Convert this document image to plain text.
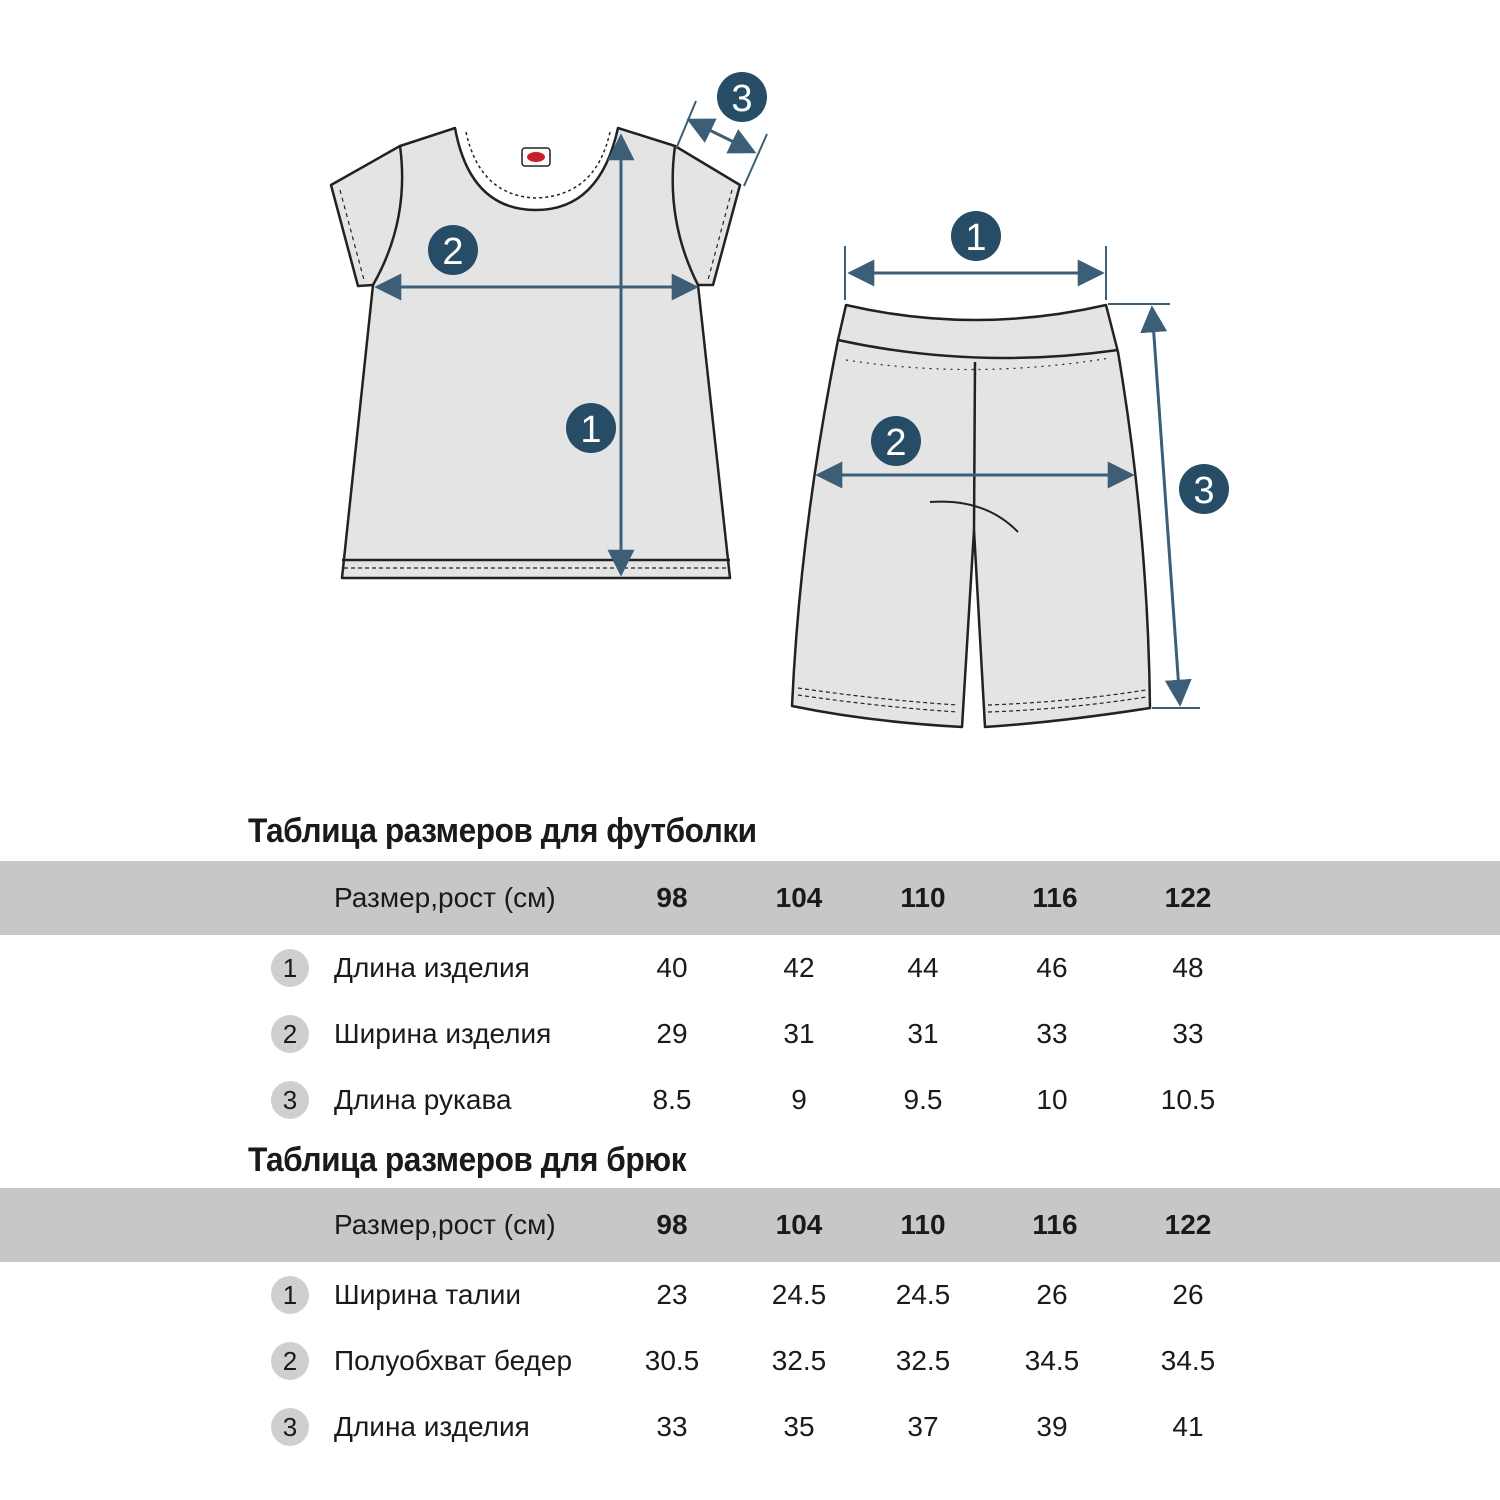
1
2
3
1
2
3
Таблица размеров для футболки
Размер,рост (см)	98	104	110	116	122
1	Длина изделия	40	42	44	46	48
2	Ширина изделия	29	31	31	33	33
3	Длина рукава	8.5	9	9.5	10	10.5
Таблица размеров для брюк
Размер,рост (см)	98	104	110	116	122
1	Ширина талии	23	24.5	24.5	26	26
2	Полуобхват бедер	30.5	32.5	32.5	34.5	34.5
3	Длина изделия	33	35	37	39	41
